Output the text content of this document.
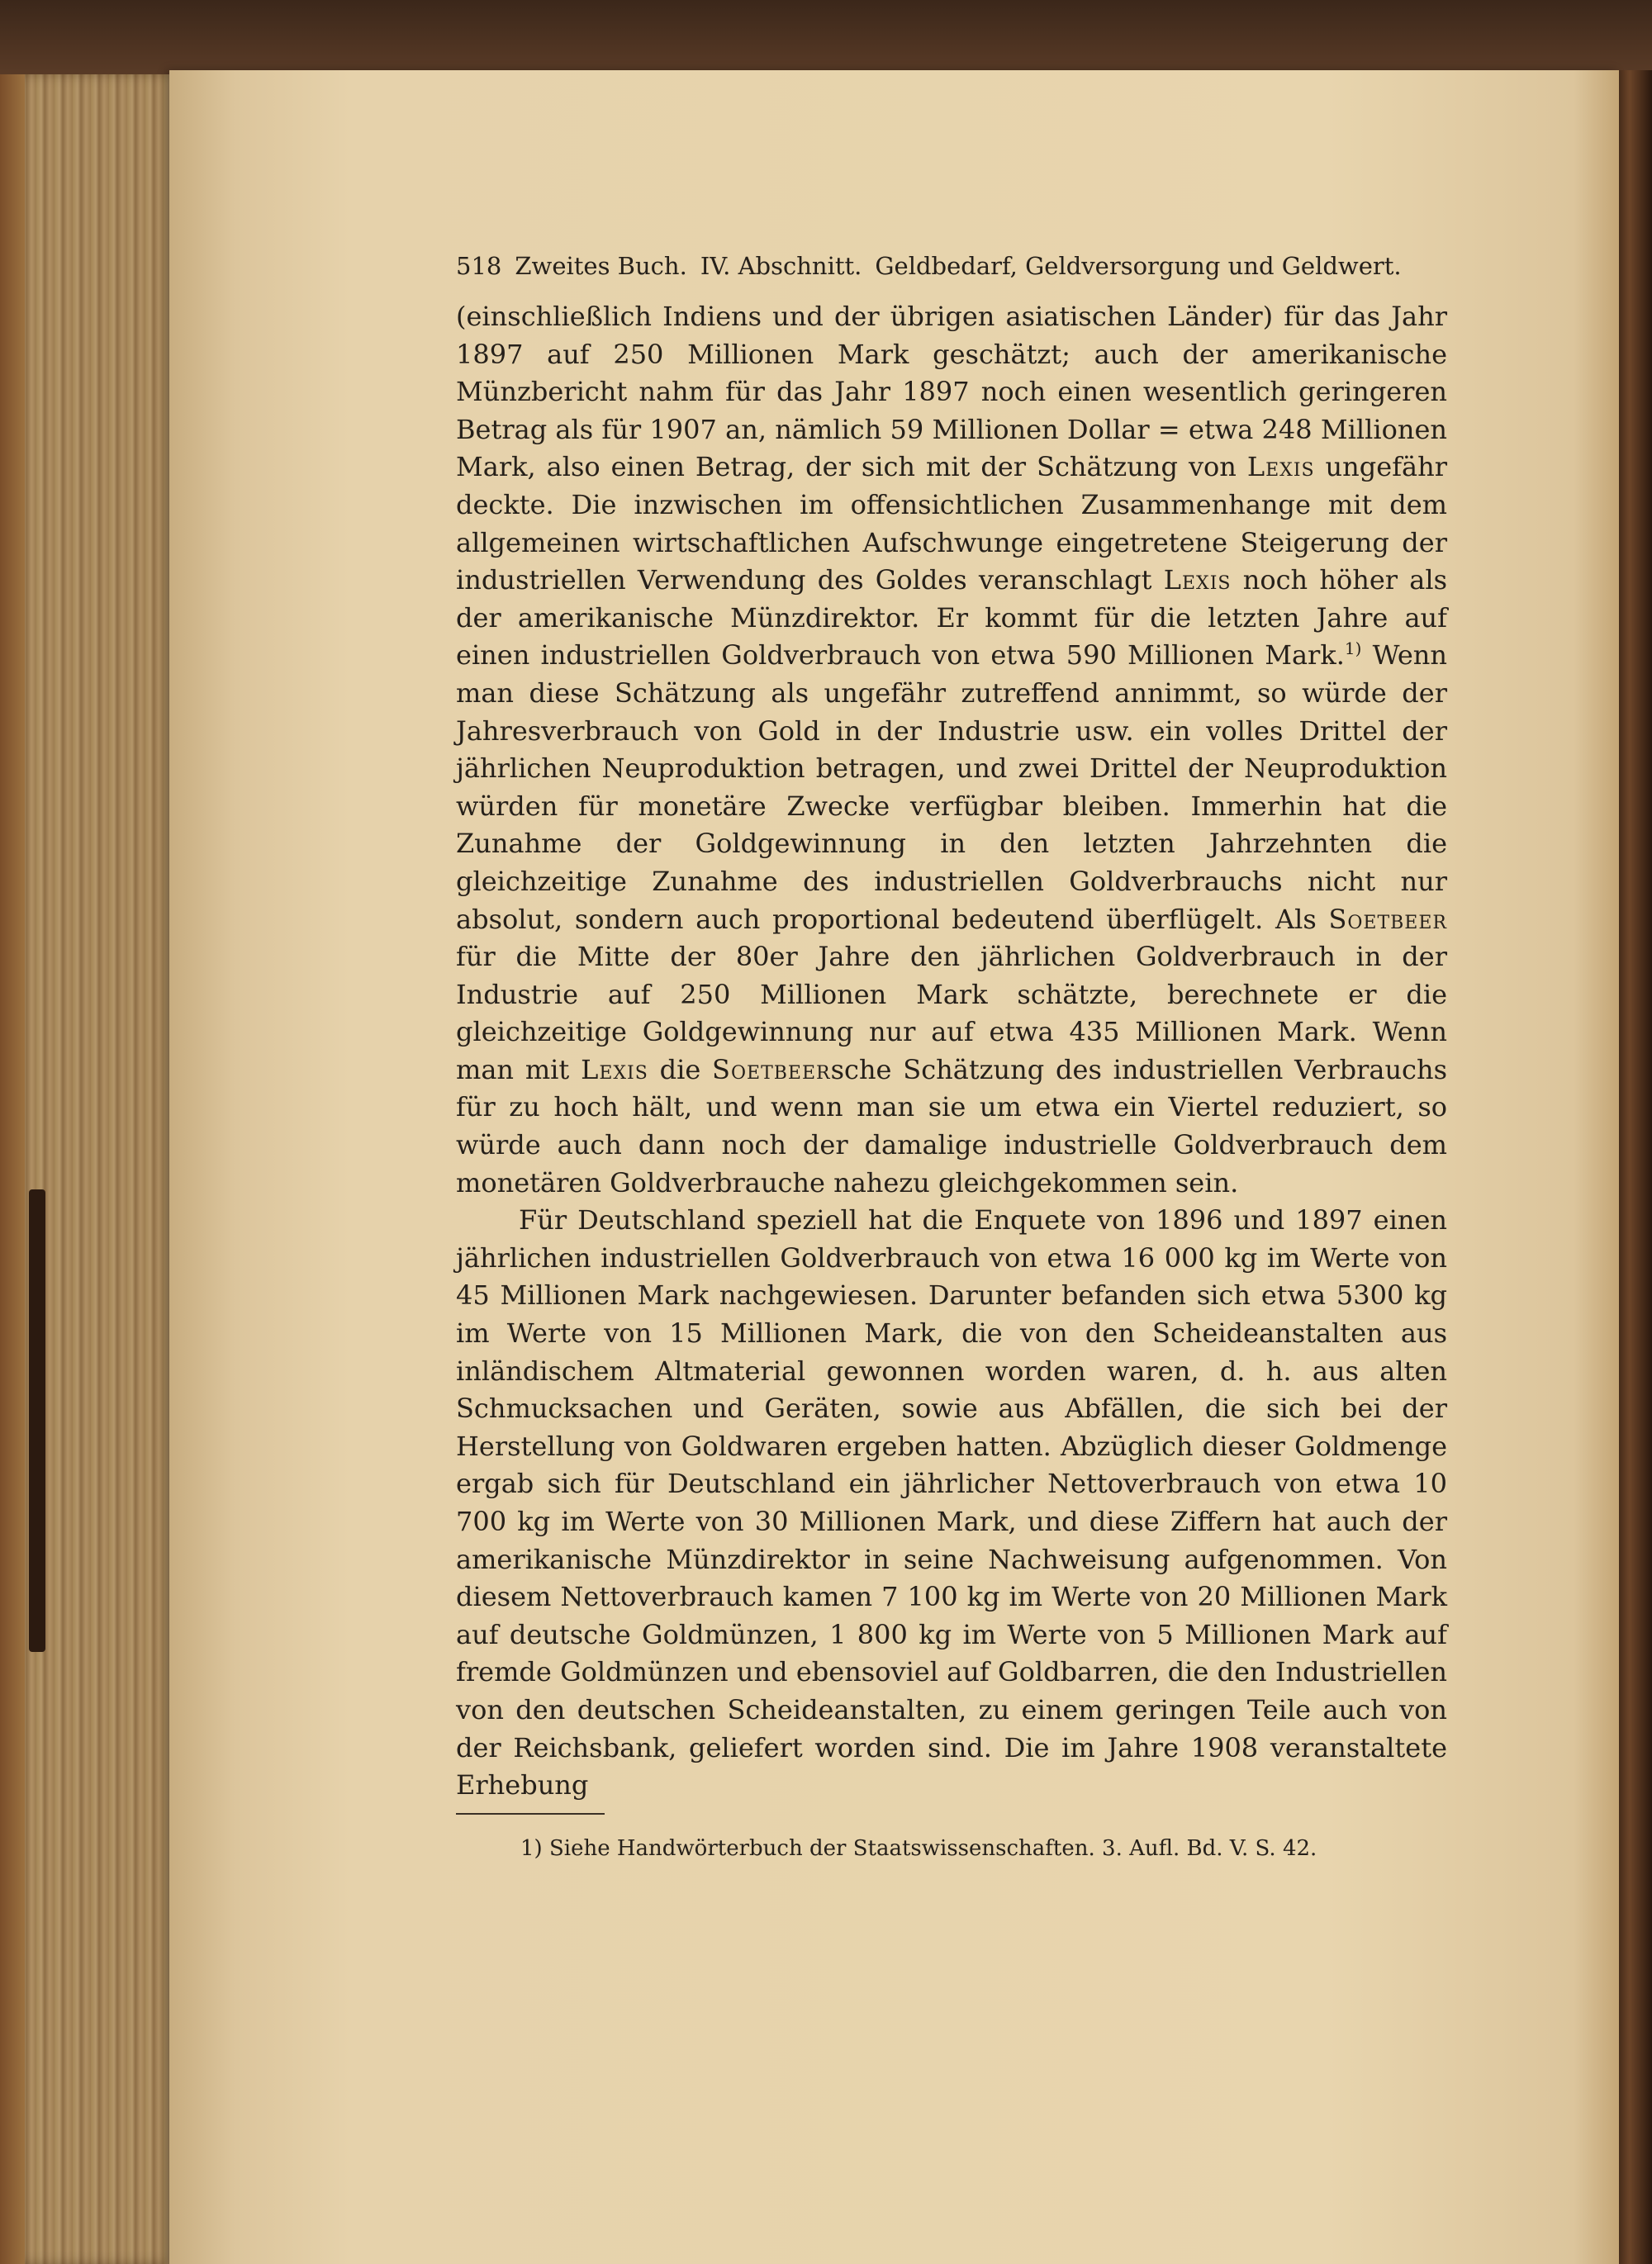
518 Zweites Buch. IV. Abschnitt. Geldbedarf, Geldversorgung und Geldwert.

(einschließlich Indiens und der übrigen asiatischen Länder) für das Jahr 1897 auf 250 Millionen Mark geschätzt; auch der amerikanische Münzbericht nahm für das Jahr 1897 noch einen wesentlich geringeren Betrag als für 1907 an, nämlich 59 Millionen Dollar = etwa 248 Millionen Mark, also einen Betrag, der sich mit der Schätzung von Lexis ungefähr deckte. Die inzwischen im offensichtlichen Zusammenhange mit dem allgemeinen wirtschaftlichen Aufschwunge eingetretene Steigerung der industriellen Verwendung des Goldes veranschlagt Lexis noch höher als der amerikanische Münzdirektor. Er kommt für die letzten Jahre auf einen industriellen Goldverbrauch von etwa 590 Millionen Mark.$^{1)}$ Wenn man diese Schätzung als ungefähr zutreffend annimmt, so würde der Jahresverbrauch von Gold in der Industrie usw. ein volles Drittel der jährlichen Neuproduktion betragen, und zwei Drittel der Neuproduktion würden für monetäre Zwecke verfügbar bleiben. Immerhin hat die Zunahme der Goldgewinnung in den letzten Jahrzehnten die gleichzeitige Zunahme des industriellen Goldverbrauchs nicht nur absolut, sondern auch proportional bedeutend überflügelt. Als Soetbeer für die Mitte der 80er Jahre den jährlichen Goldverbrauch in der Industrie auf 250 Millionen Mark schätzte, berechnete er die gleichzeitige Goldgewinnung nur auf etwa 435 Millionen Mark. Wenn man mit Lexis die Soetbeersche Schätzung des industriellen Verbrauchs für zu hoch hält, und wenn man sie um etwa ein Viertel reduziert, so würde auch dann noch der damalige industrielle Goldverbrauch dem monetären Goldverbrauche nahezu gleichgekommen sein.

Für Deutschland speziell hat die Enquete von 1896 und 1897 einen jährlichen industriellen Goldverbrauch von etwa 16 000 kg im Werte von 45 Millionen Mark nachgewiesen. Darunter befanden sich etwa 5300 kg im Werte von 15 Millionen Mark, die von den Scheideanstalten aus inländischem Altmaterial gewonnen worden waren, d. h. aus alten Schmucksachen und Geräten, sowie aus Abfällen, die sich bei der Herstellung von Goldwaren ergeben hatten. Abzüglich dieser Goldmenge ergab sich für Deutschland ein jährlicher Nettoverbrauch von etwa 10 700 kg im Werte von 30 Millionen Mark, und diese Ziffern hat auch der amerikanische Münzdirektor in seine Nachweisung aufgenommen. Von diesem Nettoverbrauch kamen 7 100 kg im Werte von 20 Millionen Mark auf deutsche Goldmünzen, 1 800 kg im Werte von 5 Millionen Mark auf fremde Goldmünzen und ebensoviel auf Goldbarren, die den Industriellen von den deutschen Scheideanstalten, zu einem geringen Teile auch von der Reichsbank, geliefert worden sind. Die im Jahre 1908 veranstaltete Erhebung

1) Siehe Handwörterbuch der Staatswissenschaften. 3. Aufl. Bd. V. S. 42.
